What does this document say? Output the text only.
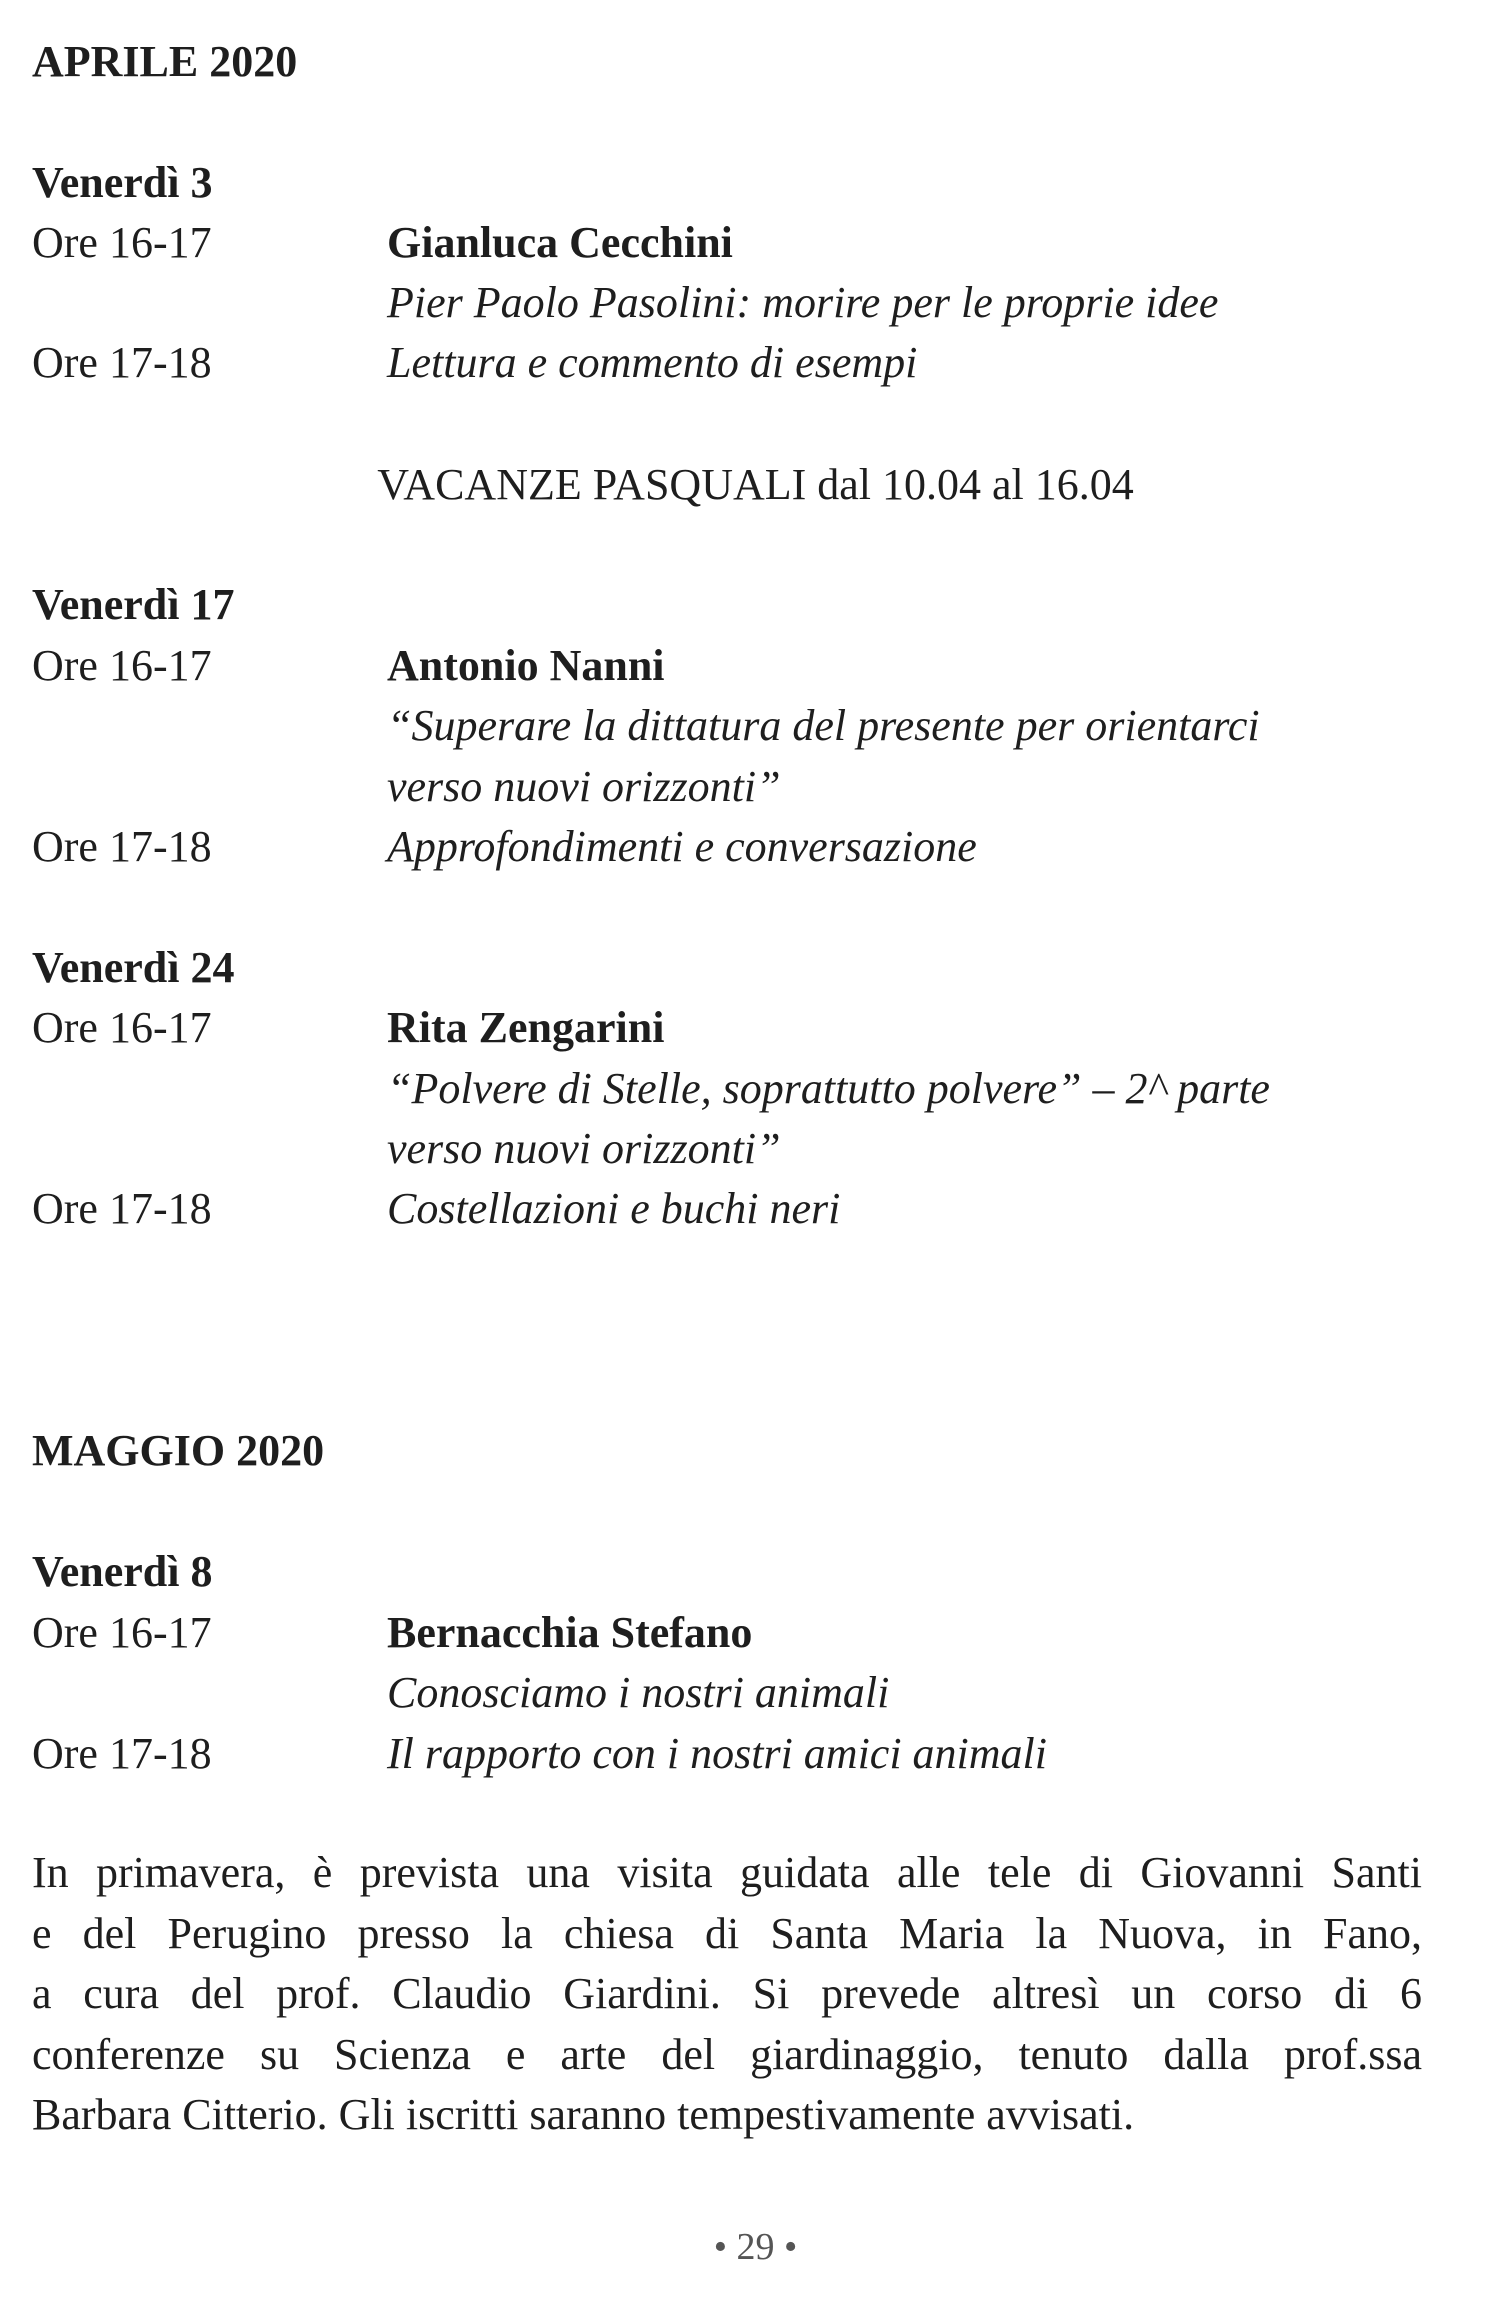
APRILE 2020
Venerdì 3
Ore 16-17	Gianluca Cecchini
Pier Paolo Pasolini: morire per le proprie idee
Ore 17-18	Lettura e commento di esempi
VACANZE PASQUALI dal 10.04 al 16.04
Venerdì 17
Ore 16-17	Antonio Nanni
“Superare la dittatura del presente per orientarci
verso nuovi orizzonti”
Ore 17-18	Approfondimenti e conversazione
Venerdì 24
Ore 16-17	Rita Zengarini
“Polvere di Stelle, soprattutto polvere” – 2^ parte
verso nuovi orizzonti”
Ore 17-18	Costellazioni e buchi neri
MAGGIO 2020
Venerdì 8
Ore 16-17	Bernacchia Stefano
Conosciamo i nostri animali
Ore 17-18	Il rapporto con i nostri amici animali
In primavera, è prevista una visita guidata alle tele di Giovanni Santi
e del Perugino presso la chiesa di Santa Maria la Nuova, in Fano,
a cura del prof. Claudio Giardini. Si prevede altresì un corso di 6
conferenze su Scienza e arte del giardinaggio, tenuto dalla prof.ssa
Barbara Citterio. Gli iscritti saranno tempestivamente avvisati.
• 29 •
